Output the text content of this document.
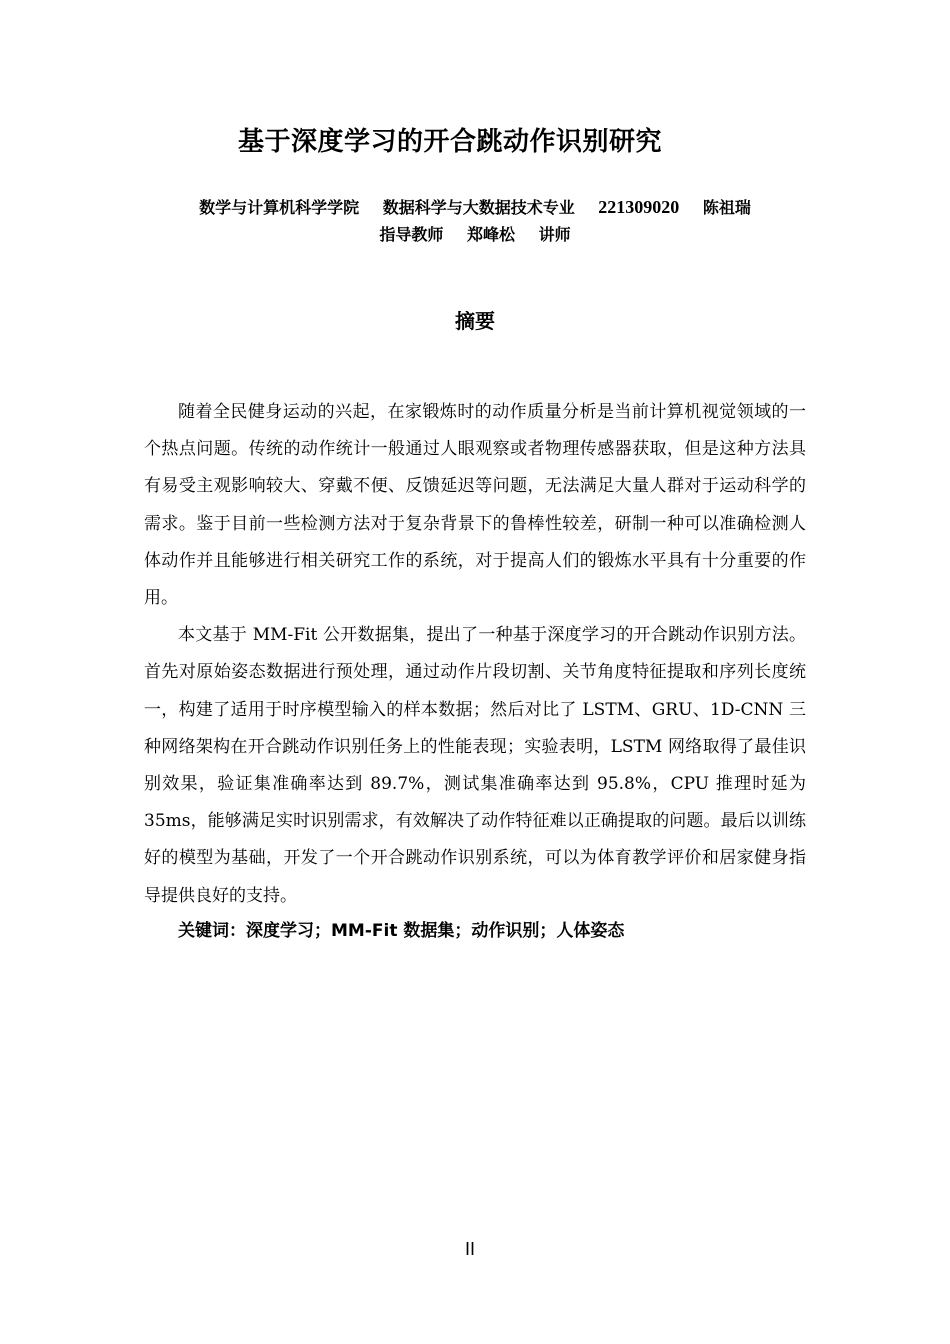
基于深度学习的开合跳动作识别研究
数学与计算机科学学院 数据科学与大数据技术专业 221309020 陈祖瑞
指导教师 郑峰松 讲师
摘要

随着全民健身运动的兴起，在家锻炼时的动作质量分析是当前计算机视觉领域的一个热点问题。传统的动作统计一般通过人眼观察或者物理传感器获取，但是这种方法具有易受主观影响较大、穿戴不便、反馈延迟等问题，无法满足大量人群对于运动科学的需求。鉴于目前一些检测方法对于复杂背景下的鲁棒性较差，研制一种可以准确检测人体动作并且能够进行相关研究工作的系统，对于提高人们的锻炼水平具有十分重要的作用。

本文基于 MM-Fit 公开数据集，提出了一种基于深度学习的开合跳动作识别方法。首先对原始姿态数据进行预处理，通过动作片段切割、关节角度特征提取和序列长度统一，构建了适用于时序模型输入的样本数据；然后对比了 LSTM、GRU、1D-CNN 三种网络架构在开合跳动作识别任务上的性能表现；实验表明，LSTM 网络取得了最佳识别效果，验证集准确率达到 89.7%，测试集准确率达到 95.8%，CPU 推理时延为 35ms，能够满足实时识别需求，有效解决了动作特征难以正确提取的问题。最后以训练好的模型为基础，开发了一个开合跳动作识别系统，可以为体育教学评价和居家健身指导提供良好的支持。

关键词：深度学习；MM-Fit 数据集；动作识别；人体姿态
II
